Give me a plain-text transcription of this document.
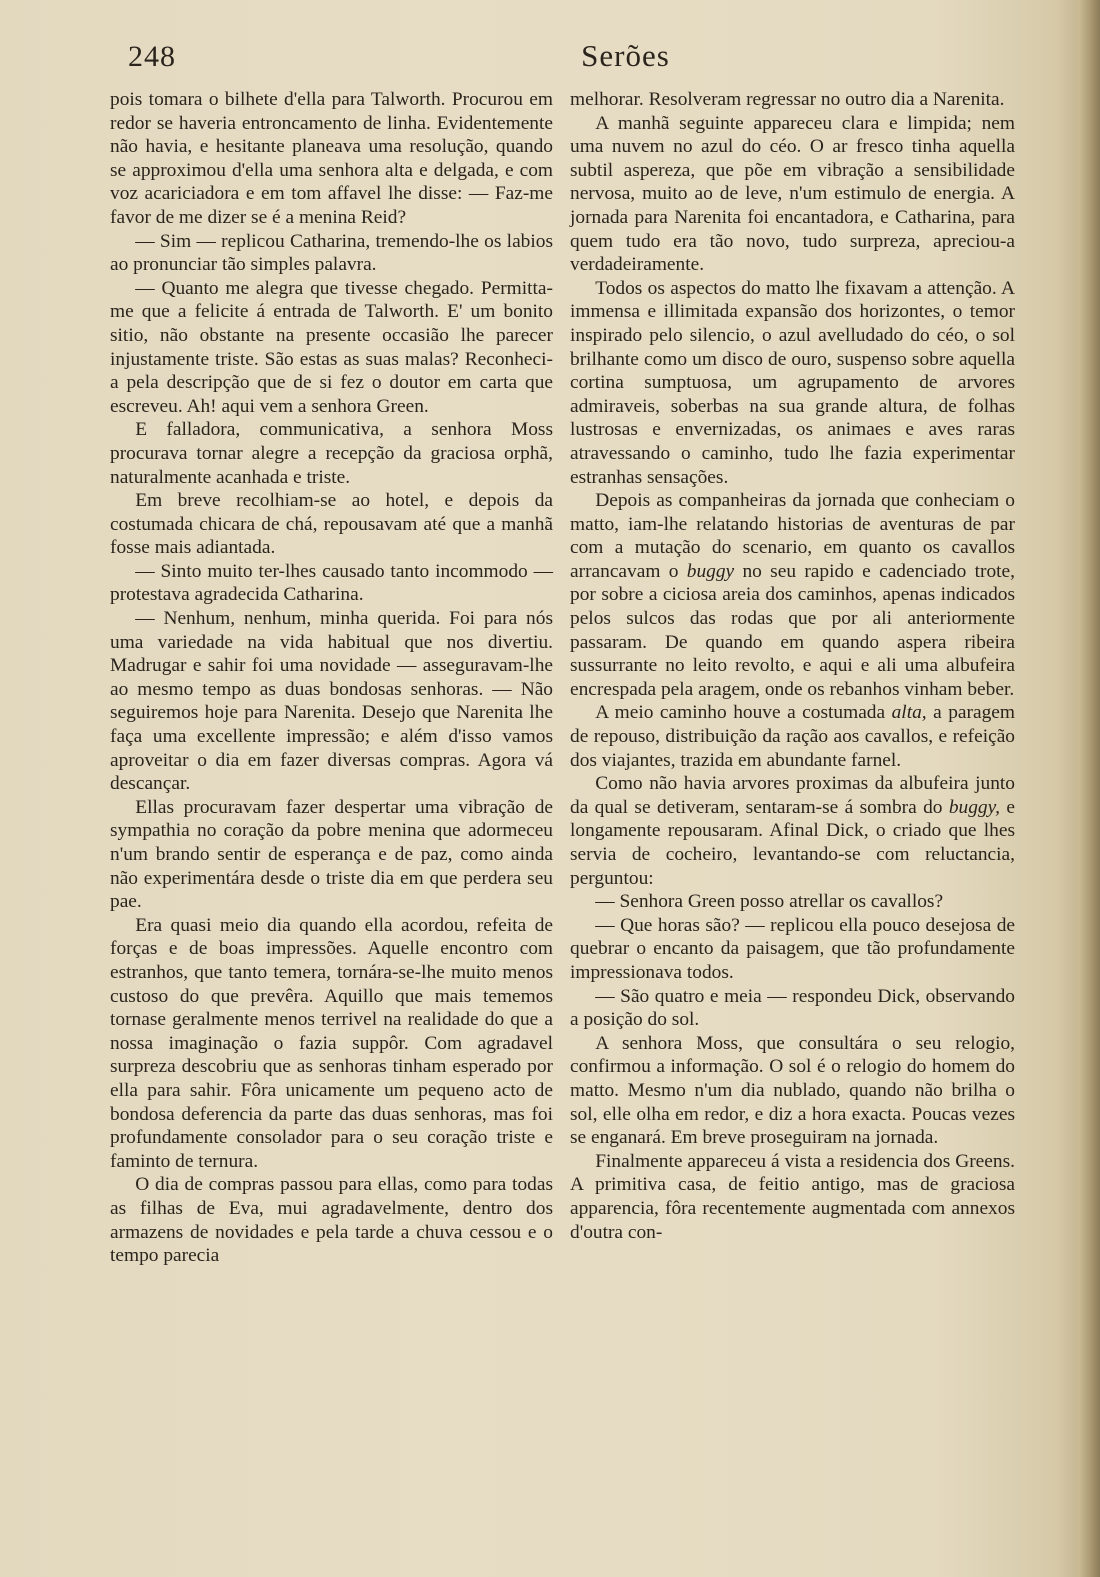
248	Serões

pois tomara o bilhete d'ella para Talworth. Procurou em redor se haveria entroncamento de linha. Evidentemente não havia, e hesitante planeava uma resolução, quando se approximou d'ella uma senhora alta e delgada, e com voz acariciadora e em tom affavel lhe disse: — Faz-me favor de me dizer se é a menina Reid?

— Sim — replicou Catharina, tremendo-lhe os labios ao pronunciar tão simples palavra.

— Quanto me alegra que tivesse chegado. Permitta-me que a felicite á entrada de Talworth. E' um bonito sitio, não obstante na presente occasião lhe parecer injustamente triste. São estas as suas malas? Reconheci-a pela descripção que de si fez o doutor em carta que escreveu. Ah! aqui vem a senhora Green.

E falladora, communicativa, a senhora Moss procurava tornar alegre a recepção da graciosa orphã, naturalmente acanhada e triste.

Em breve recolhiam-se ao hotel, e depois da costumada chicara de chá, repousavam até que a manhã fosse mais adiantada.

— Sinto muito ter-lhes causado tanto incommodo — protestava agradecida Catharina.

— Nenhum, nenhum, minha querida. Foi para nós uma variedade na vida habitual que nos divertiu. Madrugar e sahir foi uma novidade — asseguravam-lhe ao mesmo tempo as duas bondosas senhoras. — Não seguiremos hoje para Narenita. Desejo que Narenita lhe faça uma excellente impressão; e além d'isso vamos aproveitar o dia em fazer diversas compras. Agora vá descançar.

Ellas procuravam fazer despertar uma vibração de sympathia no coração da pobre menina que adormeceu n'um brando sentir de esperança e de paz, como ainda não experimentára desde o triste dia em que perdera seu pae.

Era quasi meio dia quando ella acordou, refeita de forças e de boas impressões. Aquelle encontro com estranhos, que tanto temera, tornára-se-lhe muito menos custoso do que prevêra. Aquillo que mais tememos tornase geralmente menos terrivel na realidade do que a nossa imaginação o fazia suppôr. Com agradavel surpreza descobriu que as senhoras tinham esperado por ella para sahir. Fôra unicamente um pequeno acto de bondosa deferencia da parte das duas senhoras, mas foi profundamente consolador para o seu coração triste e faminto de ternura.

O dia de compras passou para ellas, como para todas as filhas de Eva, mui agradavelmente, dentro dos armazens de novidades e pela tarde a chuva cessou e o tempo parecia

melhorar. Resolveram regressar no outro dia a Narenita.

A manhã seguinte appareceu clara e limpida; nem uma nuvem no azul do céo. O ar fresco tinha aquella subtil aspereza, que põe em vibração a sensibilidade nervosa, muito ao de leve, n'um estimulo de energia. A jornada para Narenita foi encantadora, e Catharina, para quem tudo era tão novo, tudo surpreza, apreciou-a verdadeiramente.

Todos os aspectos do matto lhe fixavam a attenção. A immensa e illimitada expansão dos horizontes, o temor inspirado pelo silencio, o azul avelludado do céo, o sol brilhante como um disco de ouro, suspenso sobre aquella cortina sumptuosa, um agrupamento de arvores admiraveis, soberbas na sua grande altura, de folhas lustrosas e envernizadas, os animaes e aves raras atravessando o caminho, tudo lhe fazia experimentar estranhas sensações.

Depois as companheiras da jornada que conheciam o matto, iam-lhe relatando historias de aventuras de par com a mutação do scenario, em quanto os cavallos arrancavam o buggy no seu rapido e cadenciado trote, por sobre a ciciosa areia dos caminhos, apenas indicados pelos sulcos das rodas que por ali anteriormente passaram. De quando em quando aspera ribeira sussurrante no leito revolto, e aqui e ali uma albufeira encrespada pela aragem, onde os rebanhos vinham beber.

A meio caminho houve a costumada alta, a paragem de repouso, distribuição da ração aos cavallos, e refeição dos viajantes, trazida em abundante farnel.

Como não havia arvores proximas da albufeira junto da qual se detiveram, sentaram-se á sombra do buggy, e longamente repousaram. Afinal Dick, o criado que lhes servia de cocheiro, levantando-se com reluctancia, perguntou:

— Senhora Green posso atrellar os cavallos?

— Que horas são? — replicou ella pouco desejosa de quebrar o encanto da paisagem, que tão profundamente impressionava todos.

— São quatro e meia — respondeu Dick, observando a posição do sol.

A senhora Moss, que consultára o seu relogio, confirmou a informação. O sol é o relogio do homem do matto. Mesmo n'um dia nublado, quando não brilha o sol, elle olha em redor, e diz a hora exacta. Poucas vezes se enganará. Em breve proseguiram na jornada.

Finalmente appareceu á vista a residencia dos Greens. A primitiva casa, de feitio antigo, mas de graciosa apparencia, fôra recentemente augmentada com annexos d'outra con-
